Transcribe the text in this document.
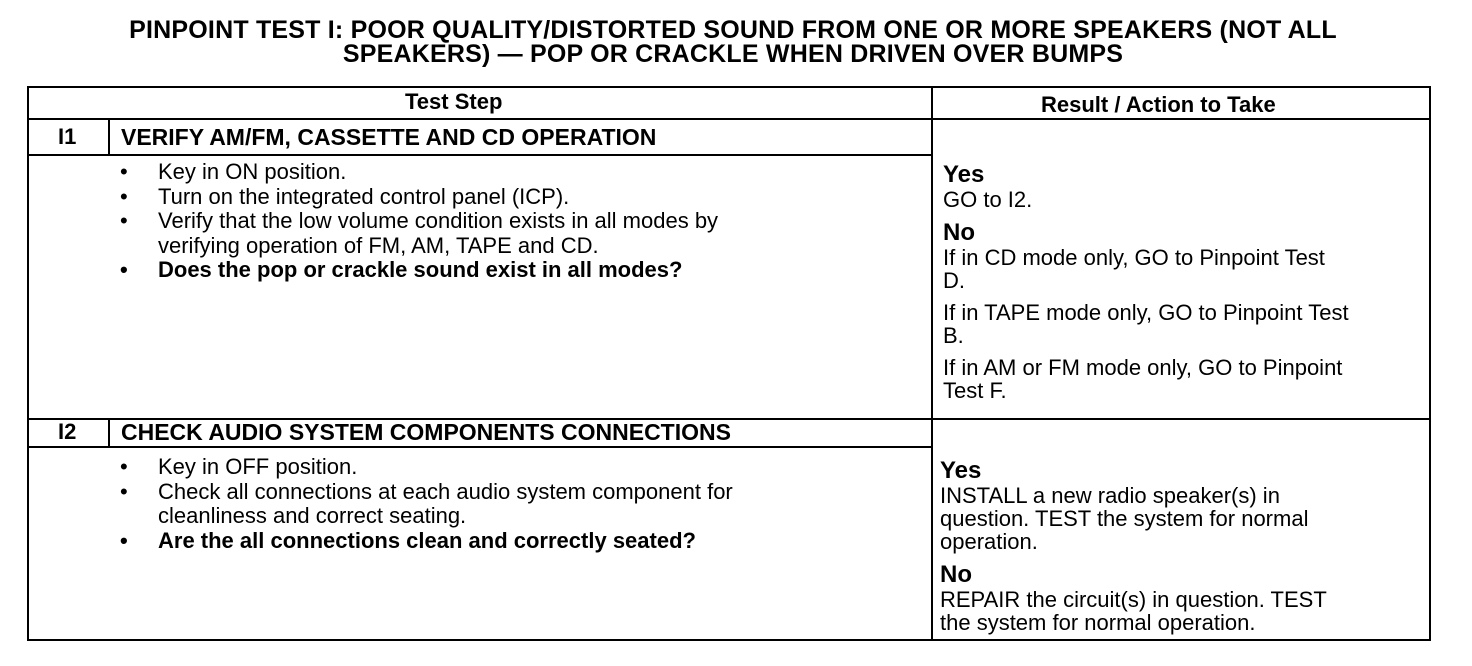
PINPOINT TEST I: POOR QUALITY/DISTORTED SOUND FROM ONE OR MORE SPEAKERS (NOT ALL
SPEAKERS) — POP OR CRACKLE WHEN DRIVEN OVER BUMPS
Test Step	Result / Action to Take
I1 VERIFY AM/FM, CASSETTE AND CD OPERATION
• Key in ON position.
• Turn on the integrated control panel (ICP).
• Verify that the low volume condition exists in all modes by
verifying operation of FM, AM, TAPE and CD.
• Does the pop or crackle sound exist in all modes?
Yes
GO to I2.
No
If in CD mode only, GO to Pinpoint Test
D.
If in TAPE mode only, GO to Pinpoint Test
B.
If in AM or FM mode only, GO to Pinpoint
Test F.
I2 CHECK AUDIO SYSTEM COMPONENTS CONNECTIONS
• Key in OFF position.
• Check all connections at each audio system component for
cleanliness and correct seating.
• Are the all connections clean and correctly seated?
Yes
INSTALL a new radio speaker(s) in
question. TEST the system for normal
operation.
No
REPAIR the circuit(s) in question. TEST
the system for normal operation.
